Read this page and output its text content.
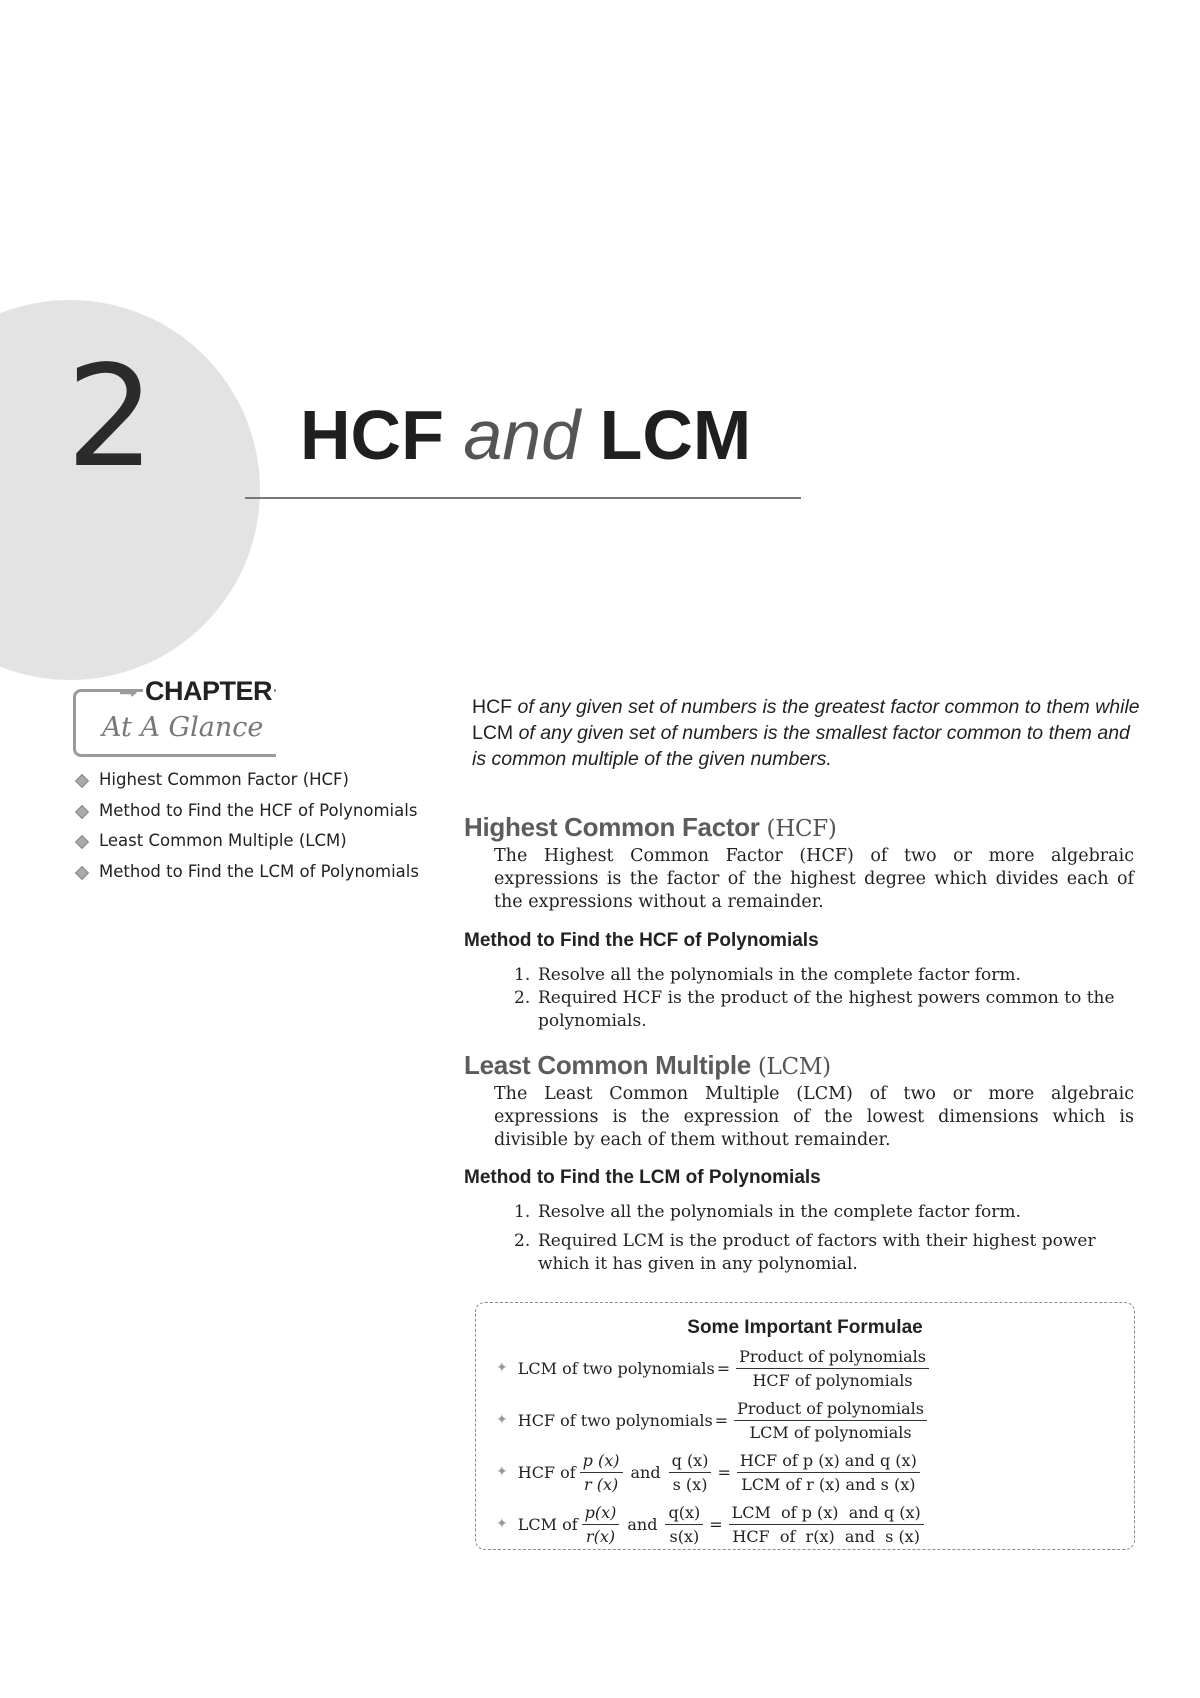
2 HCF and LCM
CHAPTER
At A Glance
Highest Common Factor (HCF)
Method to Find the HCF of Polynomials
Least Common Multiple (LCM)
Method to Find the LCM of Polynomials
HCF of any given set of numbers is the greatest factor common to them while LCM of any given set of numbers is the smallest factor common to them and is common multiple of the given numbers.
Highest Common Factor (HCF)
The Highest Common Factor (HCF) of two or more algebraic expressions is the factor of the highest degree which divides each of the expressions without a remainder.
Method to Find the HCF of Polynomials
1. Resolve all the polynomials in the complete factor form.
2. Required HCF is the product of the highest powers common to the polynomials.
Least Common Multiple (LCM)
The Least Common Multiple (LCM) of two or more algebraic expressions is the expression of the lowest dimensions which is divisible by each of them without remainder.
Method to Find the LCM of Polynomials
1. Resolve all the polynomials in the complete factor form.
2. Required LCM is the product of factors with their highest power which it has given in any polynomial.
Some Important Formulae
✦ LCM of two polynomials = $\frac{\text{Product of polynomials}}{\text{HCF of polynomials}}$
✦ HCF of two polynomials = $\frac{\text{Product of polynomials}}{\text{LCM of polynomials}}$
✦ HCF of $\frac{p (x)}{r (x)}$ and $\frac{q (x)}{s (x)} = \frac{\text{HCF of p (x) and q (x)}}{\text{LCM of r (x) and s (x)}}$
✦ LCM of $\frac{p(x)}{r(x)}$ and $\frac{q(x)}{s(x)} = \frac{\text{LCM  of p (x)  and q (x)}}{\text{HCF  of  r(x)  and  s (x)}}$
